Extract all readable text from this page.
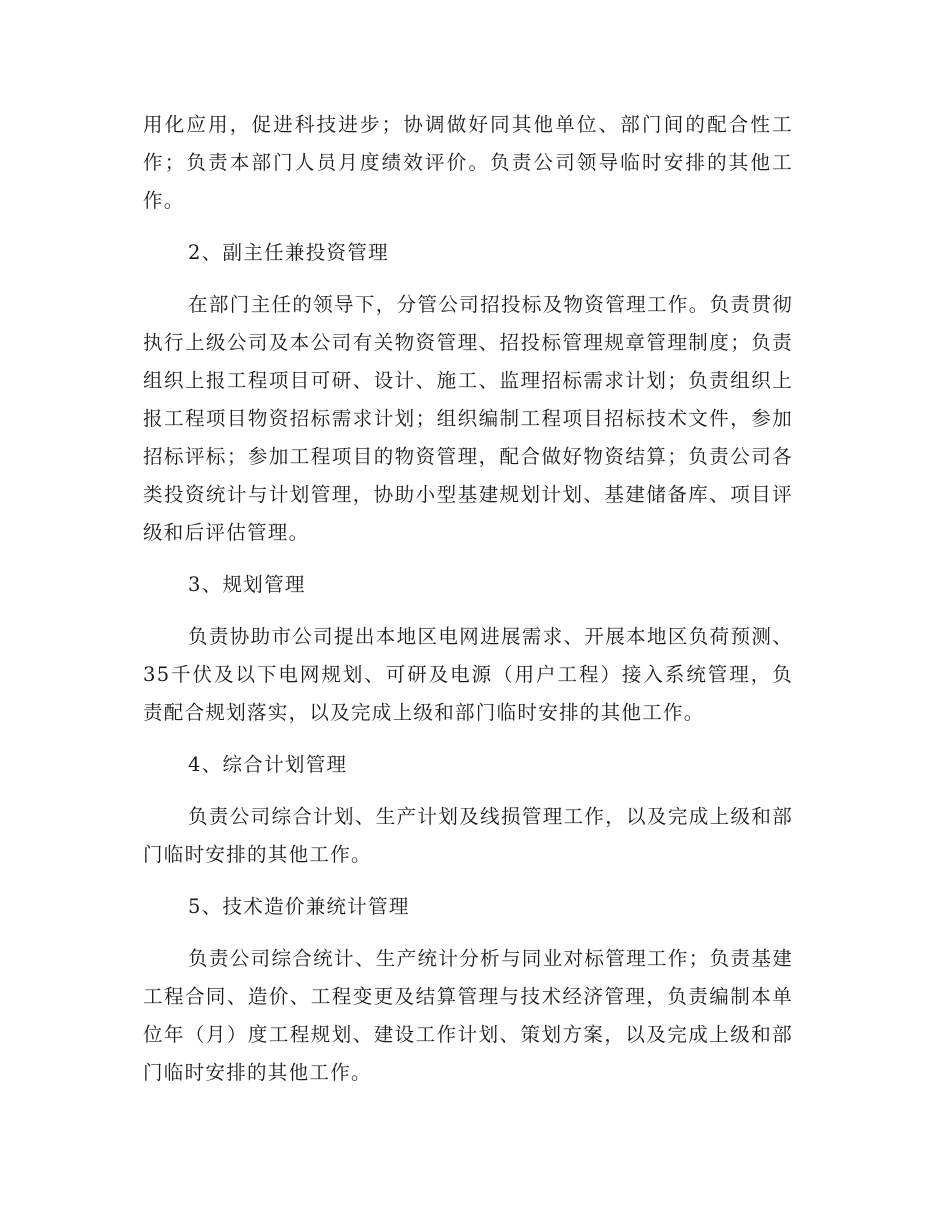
用化应用，促进科技进步；协调做好同其他单位、部门间的配合性工作；负责本部门人员月度绩效评价。负责公司领导临时安排的其他工作。

2、副主任兼投资管理

在部门主任的领导下，分管公司招投标及物资管理工作。负责贯彻执行上级公司及本公司有关物资管理、招投标管理规章管理制度；负责组织上报工程项目可研、设计、施工、监理招标需求计划；负责组织上报工程项目物资招标需求计划；组织编制工程项目招标技术文件，参加招标评标；参加工程项目的物资管理，配合做好物资结算；负责公司各类投资统计与计划管理，协助小型基建规划计划、基建储备库、项目评级和后评估管理。

3、规划管理

负责协助市公司提出本地区电网进展需求、开展本地区负荷预测、35千伏及以下电网规划、可研及电源（用户工程）接入系统管理，负责配合规划落实，以及完成上级和部门临时安排的其他工作。

4、综合计划管理

负责公司综合计划、生产计划及线损管理工作，以及完成上级和部门临时安排的其他工作。

5、技术造价兼统计管理

负责公司综合统计、生产统计分析与同业对标管理工作；负责基建工程合同、造价、工程变更及结算管理与技术经济管理，负责编制本单位年（月）度工程规划、建设工作计划、策划方案，以及完成上级和部门临时安排的其他工作。
